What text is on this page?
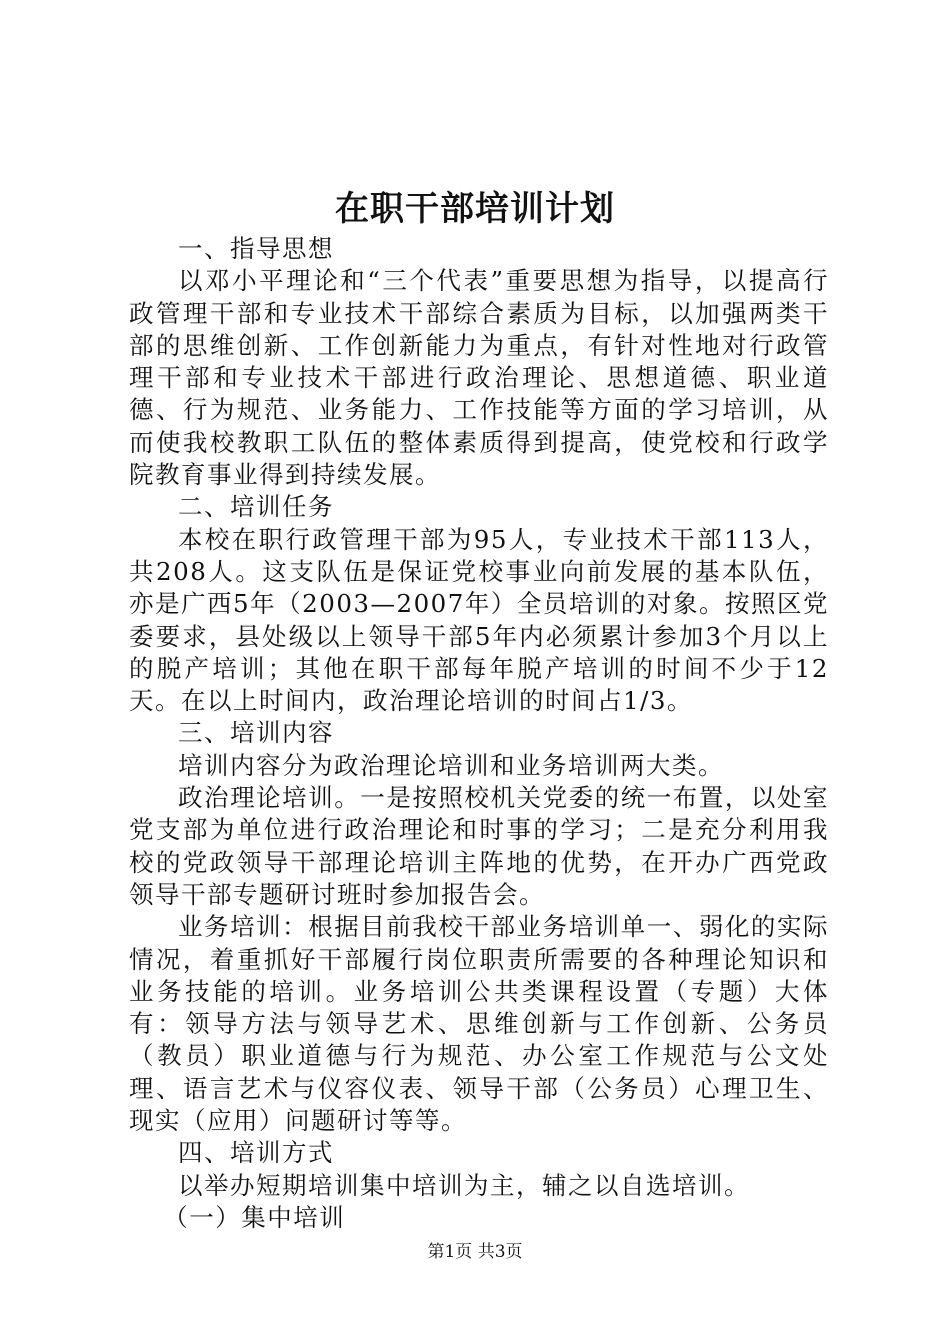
在职干部培训计划

一、指导思想

以邓小平理论和“三个代表”重要思想为指导，以提高行政管理干部和专业技术干部综合素质为目标，以加强两类干部的思维创新、工作创新能力为重点，有针对性地对行政管理干部和专业技术干部进行政治理论、思想道德、职业道德、行为规范、业务能力、工作技能等方面的学习培训，从而使我校教职工队伍的整体素质得到提高，使党校和行政学院教育事业得到持续发展。

二、培训任务

本校在职行政管理干部为95人，专业技术干部113人，共208人。这支队伍是保证党校事业向前发展的基本队伍，亦是广西5年（2003—2007年）全员培训的对象。按照区党委要求，县处级以上领导干部5年内必须累计参加3个月以上的脱产培训；其他在职干部每年脱产培训的时间不少于12天。在以上时间内，政治理论培训的时间占1/3。

三、培训内容

培训内容分为政治理论培训和业务培训两大类。

政治理论培训。一是按照校机关党委的统一布置，以处室党支部为单位进行政治理论和时事的学习；二是充分利用我校的党政领导干部理论培训主阵地的优势，在开办广西党政领导干部专题研讨班时参加报告会。

业务培训：根据目前我校干部业务培训单一、弱化的实际情况，着重抓好干部履行岗位职责所需要的各种理论知识和业务技能的培训。业务培训公共类课程设置（专题）大体有：领导方法与领导艺术、思维创新与工作创新、公务员（教员）职业道德与行为规范、办公室工作规范与公文处理、语言艺术与仪容仪表、领导干部（公务员）心理卫生、现实（应用）问题研讨等等。

四、培训方式

以举办短期培训集中培训为主，辅之以自选培训。

（一）集中培训

第1页 共3页
